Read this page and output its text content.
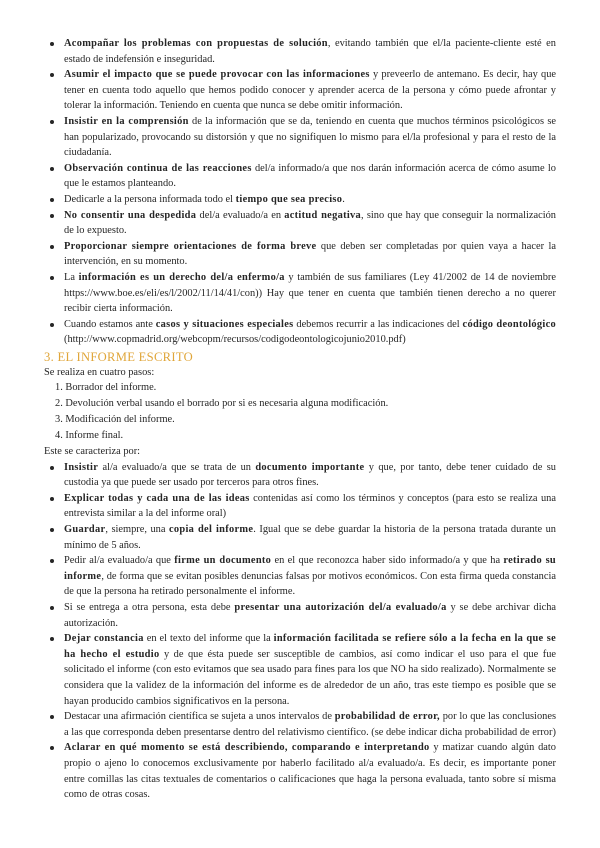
Acompañar los problemas con propuestas de solución, evitando también que el/la paciente-cliente esté en estado de indefensión e inseguridad.
Asumir el impacto que se puede provocar con las informaciones y preveerlo de antemano. Es decir, hay que tener en cuenta todo aquello que hemos podido conocer y aprender acerca de la persona y cómo puede afrontar y tolerar la información. Teniendo en cuenta que nunca se debe omitir información.
Insistir en la comprensión de la información que se da, teniendo en cuenta que muchos términos psicológicos se han popularizado, provocando su distorsión y que no signifiquen lo mismo para el/la profesional y para el resto de la ciudadanía.
Observación continua de las reacciones del/a informado/a que nos darán información acerca de cómo asume lo que le estamos planteando.
Dedicarle a la persona informada todo el tiempo que sea preciso.
No consentir una despedida del/a evaluado/a en actitud negativa, sino que hay que conseguir la normalización de lo expuesto.
Proporcionar siempre orientaciones de forma breve que deben ser completadas por quien vaya a hacer la intervención, en su momento.
La información es un derecho del/a enfermo/a y también de sus familiares (Ley 41/2002 de 14 de noviembre https://www.boe.es/eli/es/l/2002/11/14/41/con)) Hay que tener en cuenta que también tienen derecho a no querer recibir cierta información.
Cuando estamos ante casos y situaciones especiales debemos recurrir a las indicaciones del código deontológico (http://www.copmadrid.org/webcopm/recursos/codigodeontologicojunio2010.pdf)
3. EL INFORME ESCRITO

Se realiza en cuatro pasos:

1. Borrador del informe.
2. Devolución verbal usando el borrado por si es necesaria alguna modificación.
3. Modificación del informe.
4. Informe final.

Este se caracteriza por:

Insistir al/a evaluado/a que se trata de un documento importante y que, por tanto, debe tener cuidado de su custodia ya que puede ser usado por terceros para otros fines.
Explicar todas y cada una de las ideas contenidas así como los términos y conceptos (para esto se realiza una entrevista similar a la del informe oral)
Guardar, siempre, una copia del informe. Igual que se debe guardar la historia de la persona tratada durante un mínimo de 5 años.
Pedir al/a evaluado/a que firme un documento en el que reconozca haber sido informado/a y que ha retirado su informe, de forma que se evitan posibles denuncias falsas por motivos económicos. Con esta firma queda constancia de que la persona ha retirado personalmente el informe.
Si se entrega a otra persona, esta debe presentar una autorización del/a evaluado/a y se debe archivar dicha autorización.
Dejar constancia en el texto del informe que la información facilitada se refiere sólo a la fecha en la que se ha hecho el estudio y de que ésta puede ser susceptible de cambios, así como indicar el uso para el que fue solicitado el informe (con esto evitamos que sea usado para fines para los que NO ha sido realizado). Normalmente se considera que la validez de la información del informe es de alrededor de un año, tras este tiempo es posible que se hayan producido cambios significativos en la persona.
Destacar una afirmación científica se sujeta a unos intervalos de probabilidad de error, por lo que las conclusiones a las que corresponda deben presentarse dentro del relativismo científico. (se debe indicar dicha probabilidad de error)
Aclarar en qué momento se está describiendo, comparando e interpretando y matizar cuando algún dato propio o ajeno lo conocemos exclusivamente por haberlo facilitado al/a evaluado/a. Es decir, es importante poner entre comillas las citas textuales de comentarios o calificaciones que haga la persona evaluada, tanto sobre sí misma como de otras cosas.
